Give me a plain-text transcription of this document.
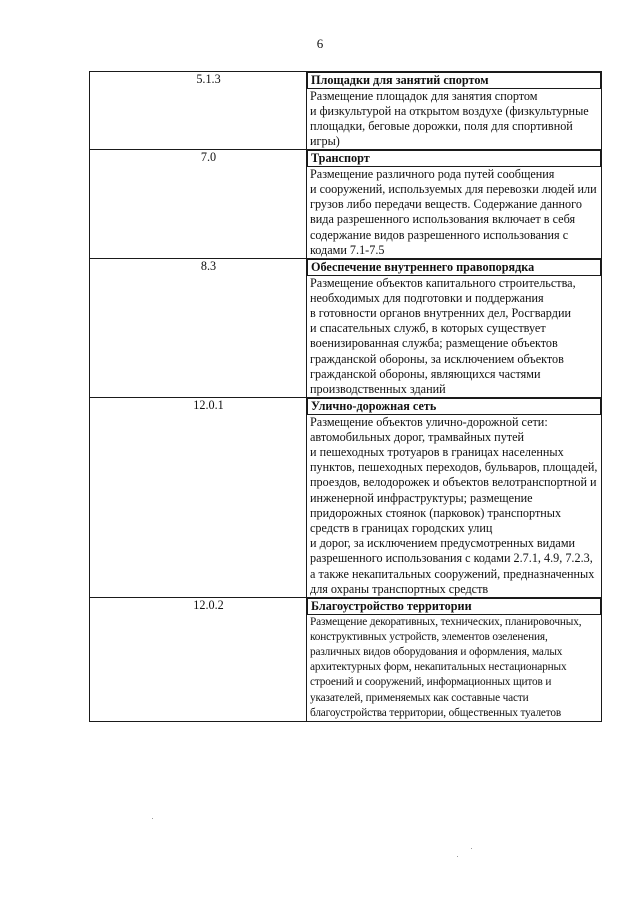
6
5.1.3	Площадки для занятий спортом
Размещение площадок для занятия спортом
и физкультурой на открытом воздухе (физкультурные площадки, беговые дорожки, поля для спортивной игры)

7.0	Транспорт
Размещение различного рода путей сообщения
и сооружений, используемых для перевозки людей или грузов либо передачи веществ. Содержание данного вида разрешенного использования включает в себя содержание видов разрешенного использования с кодами 7.1-7.5

8.3	Обеспечение внутреннего правопорядка
Размещение объектов капитального строительства, необходимых для подготовки и поддержания
в готовности органов внутренних дел, Росгвардии
и спасательных служб, в которых существует военизированная служба; размещение объектов гражданской обороны, за исключением объектов гражданской обороны, являющихся частями производственных зданий

12.0.1	Улично-дорожная сеть
Размещение объектов улично-дорожной сети: автомобильных дорог, трамвайных путей
и пешеходных тротуаров в границах населенных пунктов, пешеходных переходов, бульваров, площадей, проездов, велодорожек и объектов велотранспортной и инженерной инфраструктуры; размещение придорожных стоянок (парковок) транспортных средств в границах городских улиц
и дорог, за исключением предусмотренных видами разрешенного использования с кодами 2.7.1, 4.9, 7.2.3, а также некапитальных сооружений, предназначенных для охраны транспортных средств

12.0.2	Благоустройство территории
Размещение декоративных, технических, планировочных, конструктивных устройств, элементов озеленения, различных видов оборудования и оформления, малых архитектурных форм, некапитальных нестационарных строений и сооружений, информационных щитов и указателей, применяемых как составные части благоустройства территории, общественных туалетов
